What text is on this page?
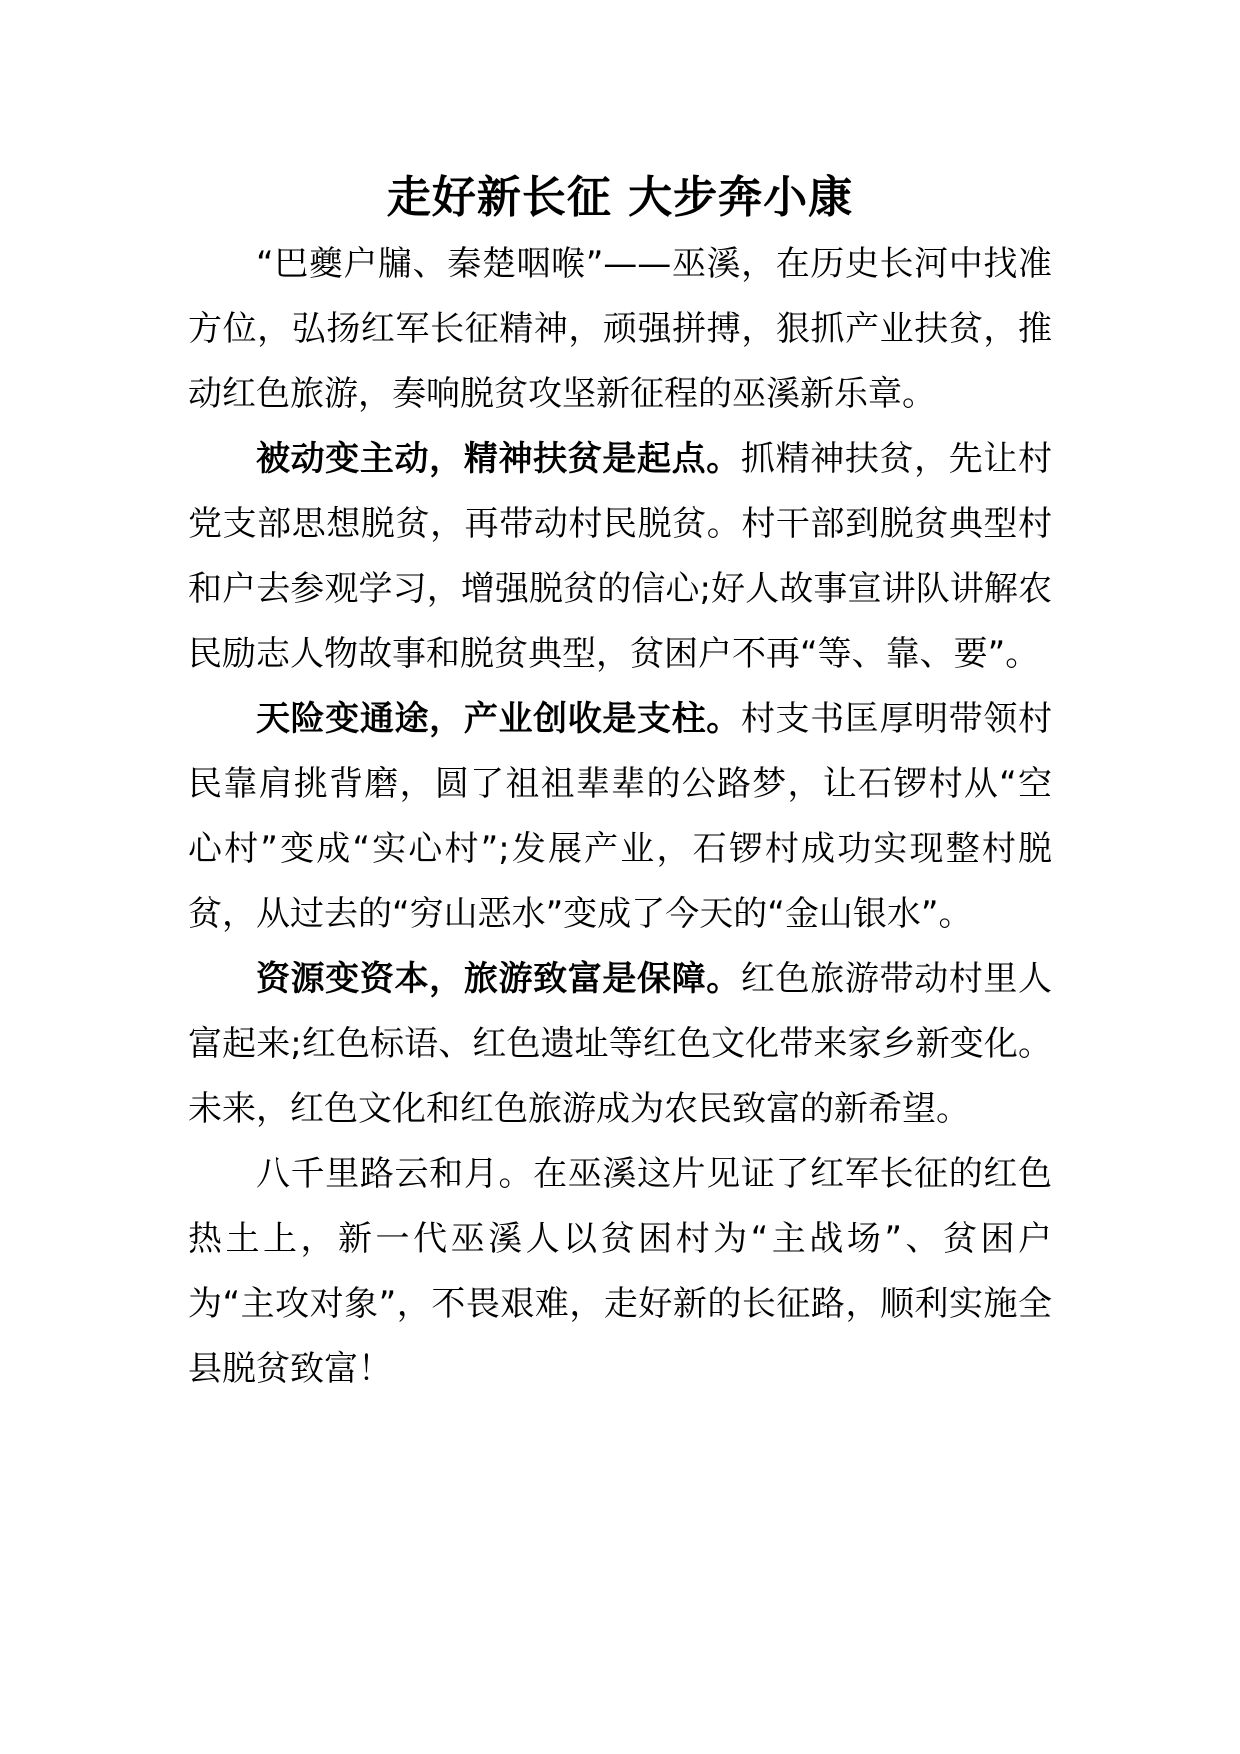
走好新长征 大步奔小康

“巴夔户牖、秦楚咽喉”——巫溪，在历史长河中找准方位，弘扬红军长征精神，顽强拼搏，狠抓产业扶贫，推动红色旅游，奏响脱贫攻坚新征程的巫溪新乐章。

被动变主动，精神扶贫是起点。抓精神扶贫，先让村党支部思想脱贫，再带动村民脱贫。村干部到脱贫典型村和户去参观学习，增强脱贫的信心;好人故事宣讲队讲解农民励志人物故事和脱贫典型，贫困户不再“等、靠、要”。

天险变通途，产业创收是支柱。村支书匡厚明带领村民靠肩挑背磨，圆了祖祖辈辈的公路梦，让石锣村从“空心村”变成“实心村”;发展产业，石锣村成功实现整村脱贫，从过去的“穷山恶水”变成了今天的“金山银水”。

资源变资本，旅游致富是保障。红色旅游带动村里人富起来;红色标语、红色遗址等红色文化带来家乡新变化。未来，红色文化和红色旅游成为农民致富的新希望。

八千里路云和月。在巫溪这片见证了红军长征的红色热土上，新一代巫溪人以贫困村为“主战场”、贫困户为“主攻对象”，不畏艰难，走好新的长征路，顺利实施全县脱贫致富！
